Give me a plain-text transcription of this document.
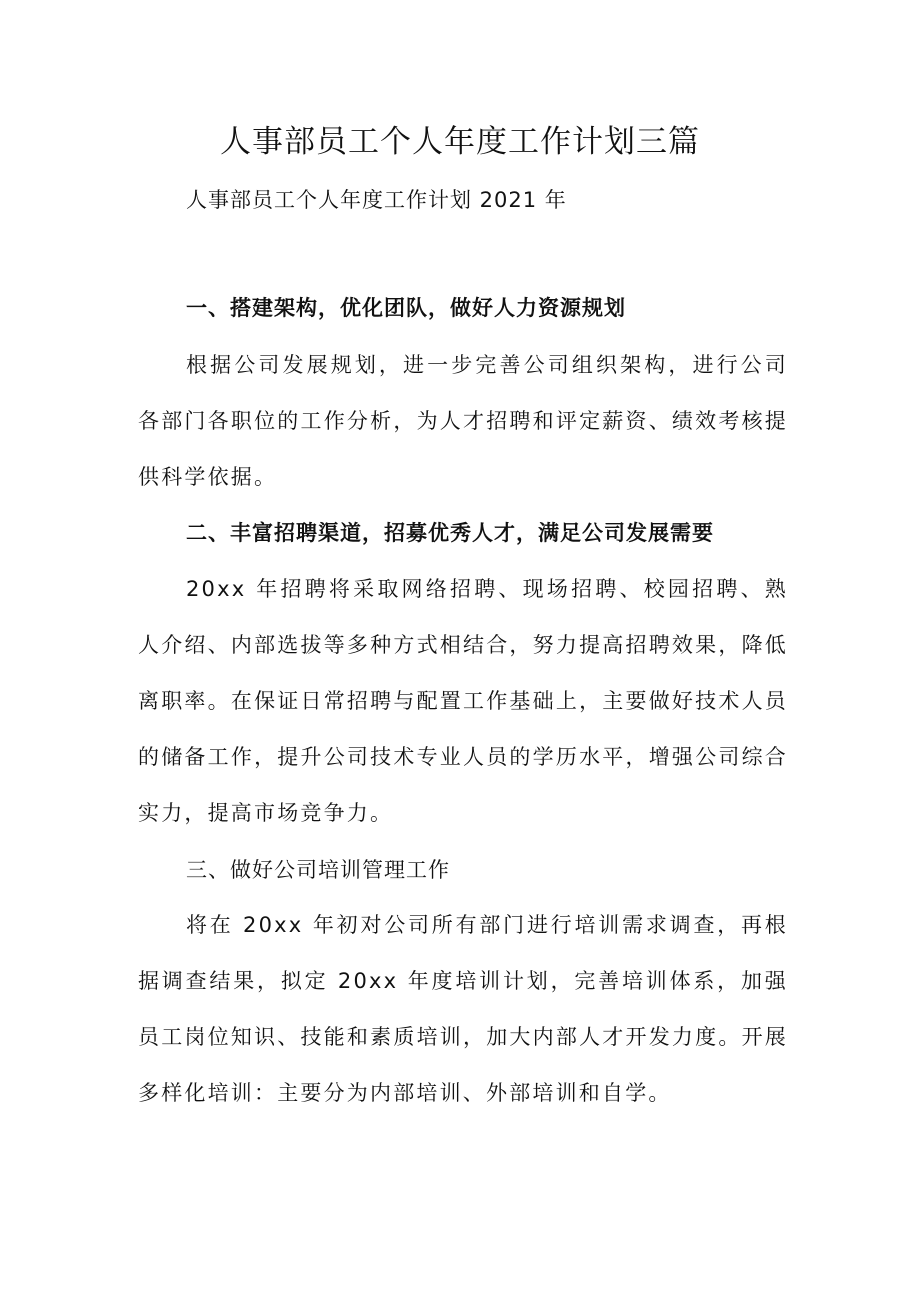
人事部员工个人年度工作计划三篇
人事部员工个人年度工作计划 2021 年
一、搭建架构，优化团队，做好人力资源规划
根据公司发展规划，进一步完善公司组织架构，进行公司各部门各职位的工作分析，为人才招聘和评定薪资、绩效考核提供科学依据。
二、丰富招聘渠道，招募优秀人才，满足公司发展需要
20xx 年招聘将采取网络招聘、现场招聘、校园招聘、熟人介绍、内部选拔等多种方式相结合，努力提高招聘效果，降低离职率。在保证日常招聘与配置工作基础上，主要做好技术人员的储备工作，提升公司技术专业人员的学历水平，增强公司综合实力，提高市场竞争力。
三、做好公司培训管理工作
将在 20xx 年初对公司所有部门进行培训需求调查，再根据调查结果，拟定 20xx 年度培训计划，完善培训体系，加强员工岗位知识、技能和素质培训，加大内部人才开发力度。开展多样化培训：主要分为内部培训、外部培训和自学。
